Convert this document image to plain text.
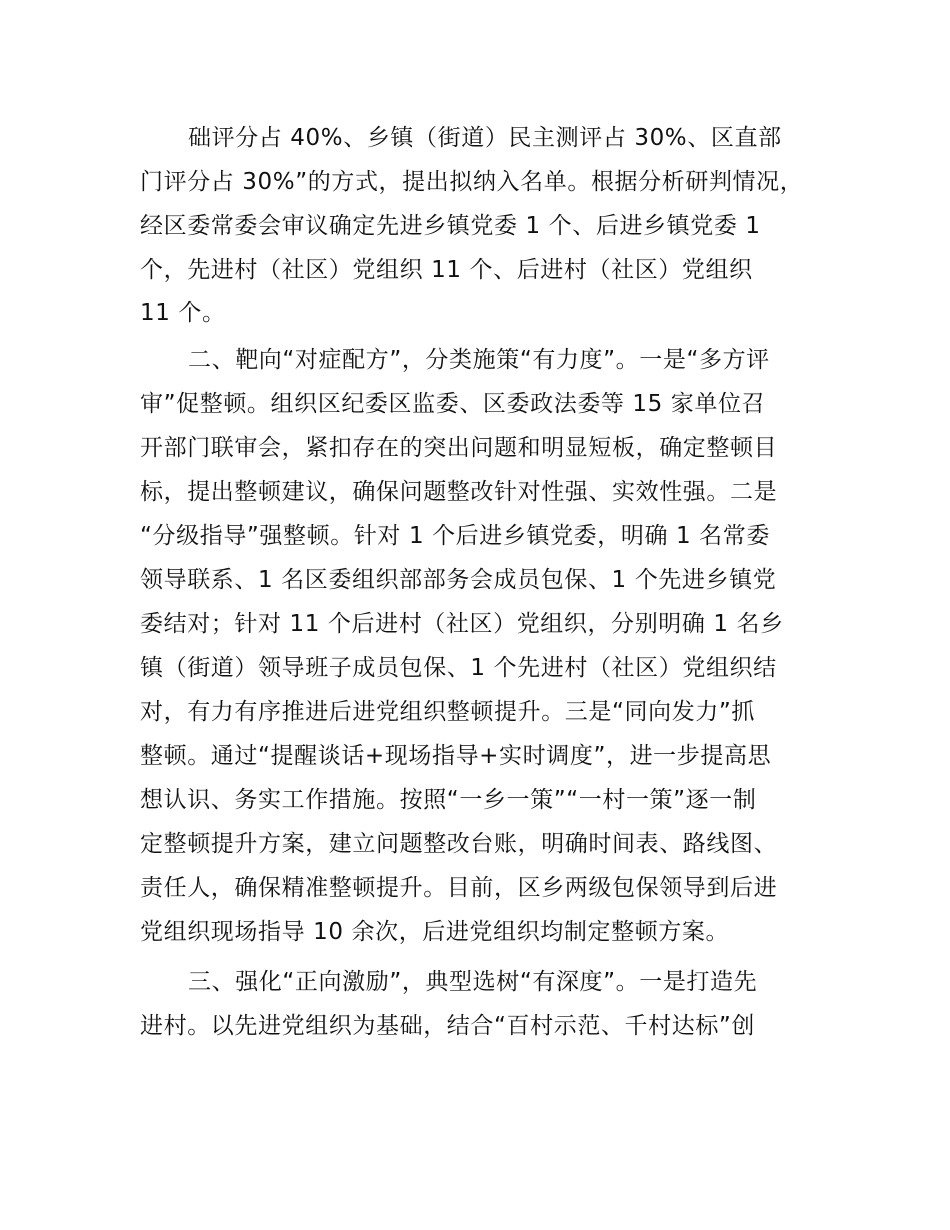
础评分占 40%、乡镇（街道）民主测评占 30%、区直部
门评分占 30%”的方式，提出拟纳入名单。根据分析研判情况，
经区委常委会审议确定先进乡镇党委 1 个、后进乡镇党委 1
个，先进村（社区）党组织 11 个、后进村（社区）党组织
11 个。
二、靶向“对症配方”，分类施策“有力度”。一是“多方评
审”促整顿。组织区纪委区监委、区委政法委等 15 家单位召
开部门联审会，紧扣存在的突出问题和明显短板，确定整顿目
标，提出整顿建议，确保问题整改针对性强、实效性强。二是
“分级指导”强整顿。针对 1 个后进乡镇党委，明确 1 名常委
领导联系、1 名区委组织部部务会成员包保、1 个先进乡镇党
委结对；针对 11 个后进村（社区）党组织，分别明确 1 名乡
镇（街道）领导班子成员包保、1 个先进村（社区）党组织结
对，有力有序推进后进党组织整顿提升。三是“同向发力”抓
整顿。通过“提醒谈话+现场指导+实时调度”，进一步提高思
想认识、务实工作措施。按照“一乡一策”“一村一策”逐一制
定整顿提升方案，建立问题整改台账，明确时间表、路线图、
责任人，确保精准整顿提升。目前，区乡两级包保领导到后进
党组织现场指导 10 余次，后进党组织均制定整顿方案。
三、强化“正向激励”，典型选树“有深度”。一是打造先
进村。以先进党组织为基础，结合“百村示范、千村达标”创
